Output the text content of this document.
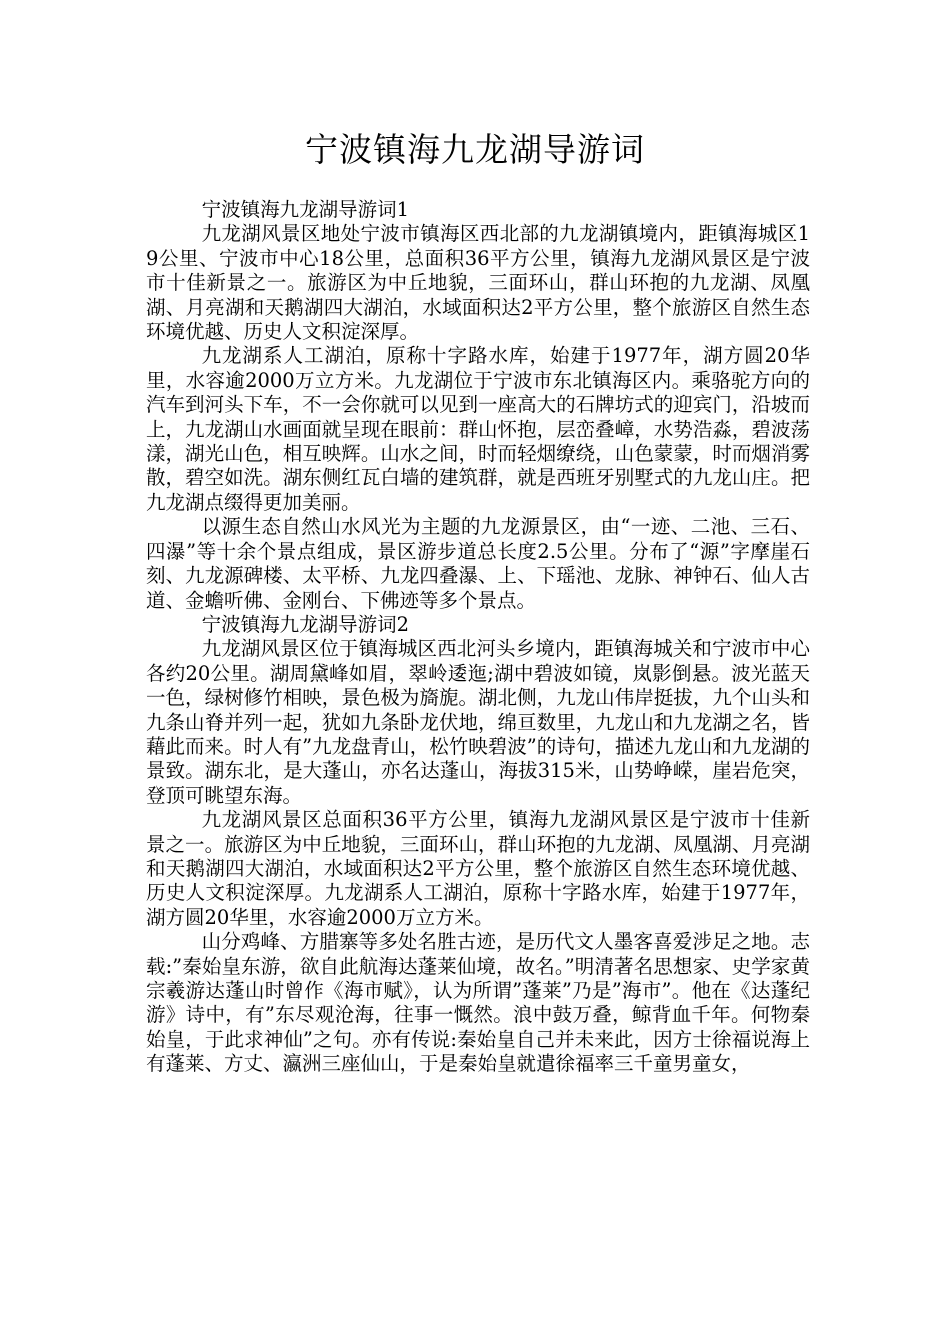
宁波镇海九龙湖导游词

宁波镇海九龙湖导游词1

九龙湖风景区地处宁波市镇海区西北部的九龙湖镇境内，距镇海城区19公里、宁波市中心18公里，总面积36平方公里，镇海九龙湖风景区是宁波市十佳新景之一。旅游区为中丘地貌，三面环山，群山环抱的九龙湖、凤凰湖、月亮湖和天鹅湖四大湖泊，水域面积达2平方公里，整个旅游区自然生态环境优越、历史人文积淀深厚。

九龙湖系人工湖泊，原称十字路水库，始建于1977年，湖方圆20华里，水容逾2000万立方米。九龙湖位于宁波市东北镇海区内。乘骆驼方向的汽车到河头下车，不一会你就可以见到一座高大的石牌坊式的迎宾门，沿坡而上，九龙湖山水画面就呈现在眼前：群山怀抱，层峦叠嶂，水势浩淼，碧波荡漾，湖光山色，相互映辉。山水之间，时而轻烟缭绕，山色蒙蒙，时而烟消雾散，碧空如洗。湖东侧红瓦白墙的建筑群，就是西班牙别墅式的九龙山庄。把九龙湖点缀得更加美丽。

以源生态自然山水风光为主题的九龙源景区，由“一迹、二池、三石、四瀑”等十余个景点组成，景区游步道总长度2.5公里。分布了“源”字摩崖石刻、九龙源碑楼、太平桥、九龙四叠瀑、上、下瑶池、龙脉、神钟石、仙人古道、金蟾听佛、金刚台、下佛迹等多个景点。

宁波镇海九龙湖导游词2

九龙湖风景区位于镇海城区西北河头乡境内，距镇海城关和宁波市中心各约20公里。湖周黛峰如眉，翠岭逶迤;湖中碧波如镜，岚影倒悬。波光蓝天一色，绿树修竹相映，景色极为旖旎。湖北侧，九龙山伟岸挺拔，九个山头和九条山脊并列一起，犹如九条卧龙伏地，绵亘数里，九龙山和九龙湖之名，皆藉此而来。时人有”九龙盘青山，松竹映碧波”的诗句，描述九龙山和九龙湖的景致。湖东北，是大蓬山，亦名达蓬山，海拔315米，山势峥嵘，崖岩危突，登顶可眺望东海。

九龙湖风景区总面积36平方公里，镇海九龙湖风景区是宁波市十佳新景之一。旅游区为中丘地貌，三面环山，群山环抱的九龙湖、凤凰湖、月亮湖和天鹅湖四大湖泊，水域面积达2平方公里，整个旅游区自然生态环境优越、历史人文积淀深厚。九龙湖系人工湖泊，原称十字路水库，始建于1977年，湖方圆20华里，水容逾2000万立方米。

山分鸡峰、方腊寨等多处名胜古迹，是历代文人墨客喜爱涉足之地。志载:”秦始皇东游，欲自此航海达蓬莱仙境，故名。”明清著名思想家、史学家黄宗羲游达蓬山时曾作《海市赋》，认为所谓”蓬莱”乃是”海市”。他在《达蓬纪游》诗中，有”东尽观沧海，往事一慨然。浪中鼓万叠，鲸背血千年。何物秦始皇，于此求神仙”之句。亦有传说:秦始皇自己并未来此，因方士徐福说海上有蓬莱、方丈、瀛洲三座仙山，于是秦始皇就遣徐福率三千童男童女，
